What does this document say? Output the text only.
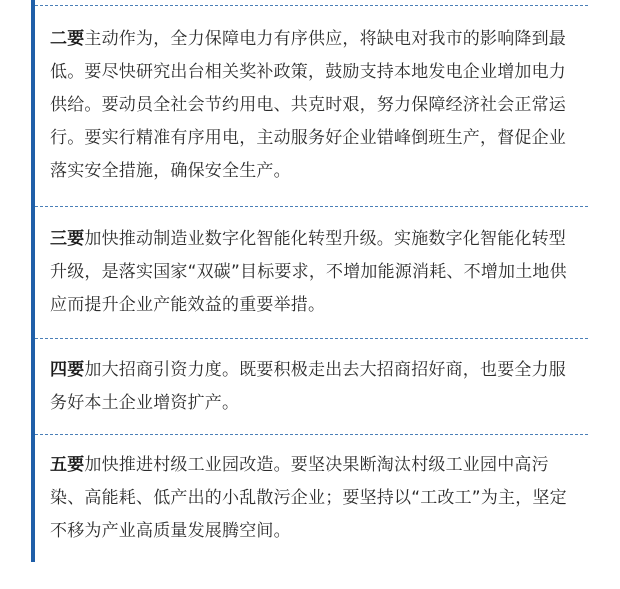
二要主动作为，全力保障电力有序供应，将缺电对我市的影响降到最低。要尽快研究出台相关奖补政策，鼓励支持本地发电企业增加电力供给。要动员全社会节约用电、共克时艰，努力保障经济社会正常运行。要实行精准有序用电，主动服务好企业错峰倒班生产，督促企业落实安全措施，确保安全生产。

三要加快推动制造业数字化智能化转型升级。实施数字化智能化转型升级，是落实国家“双碳”目标要求，不增加能源消耗、不增加土地供应而提升企业产能效益的重要举措。

四要加大招商引资力度。既要积极走出去大招商招好商，也要全力服务好本土企业增资扩产。

五要加快推进村级工业园改造。要坚决果断淘汰村级工业园中高污染、高能耗、低产出的小乱散污企业；要坚持以“工改工”为主，坚定不移为产业高质量发展腾空间。
